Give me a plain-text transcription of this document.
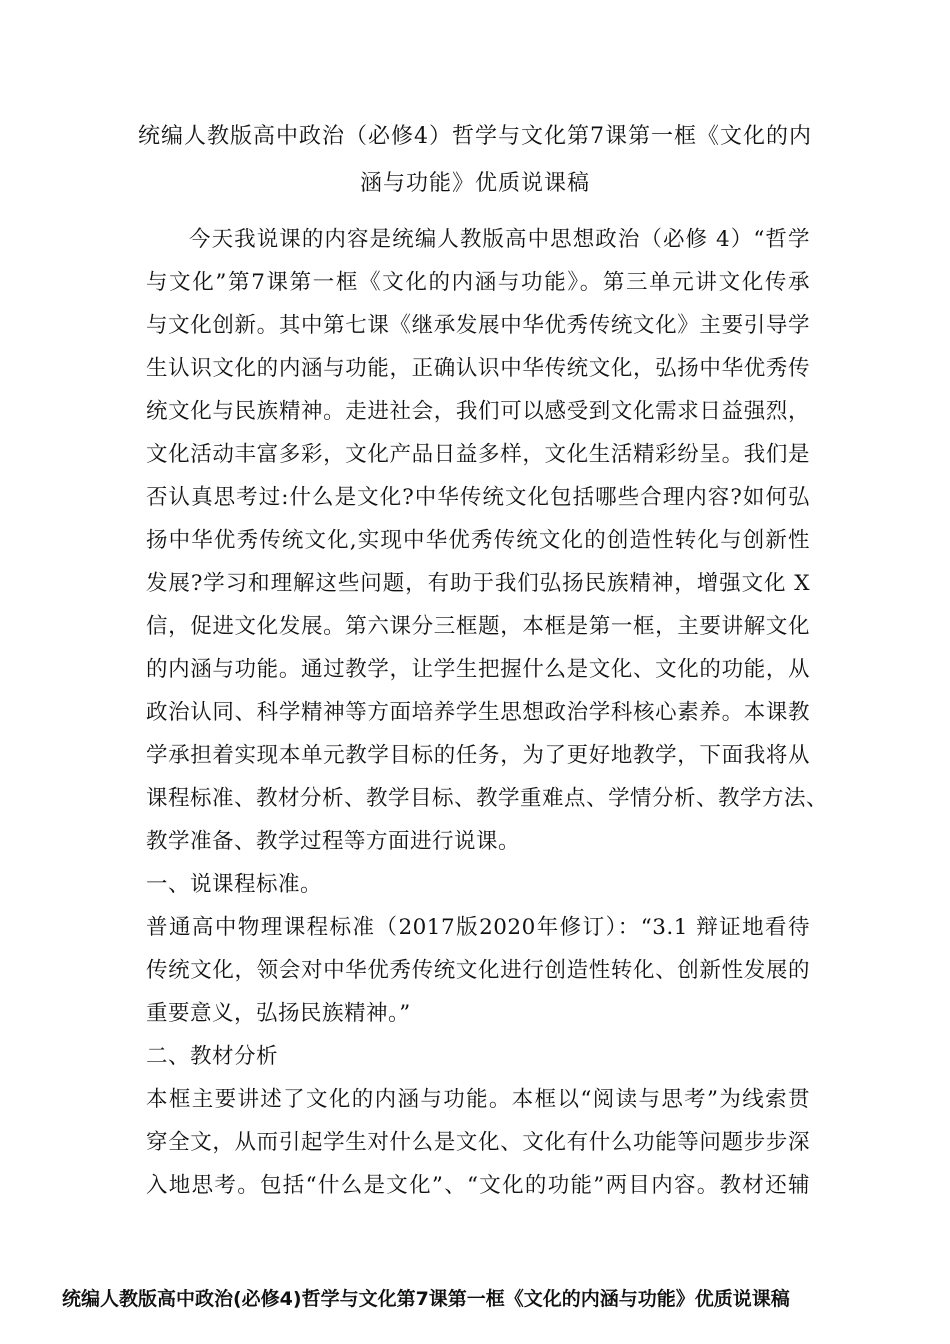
统编人教版高中政治（必修4）哲学与文化第7课第一框《文化的内
涵与功能》优质说课稿
今天我说课的内容是统编人教版高中思想政治（必修 4）“哲学
与文化”第7课第一框《文化的内涵与功能》。第三单元讲文化传承
与文化创新。其中第七课《继承发展中华优秀传统文化》主要引导学
生认识文化的内涵与功能，正确认识中华传统文化，弘扬中华优秀传
统文化与民族精神。走进社会，我们可以感受到文化需求日益强烈，
文化活动丰富多彩，文化产品日益多样，文化生活精彩纷呈。我们是
否认真思考过:什么是文化?中华传统文化包括哪些合理内容?如何弘
扬中华优秀传统文化,实现中华优秀传统文化的创造性转化与创新性
发展?学习和理解这些问题，有助于我们弘扬民族精神，增强文化 X
信，促进文化发展。第六课分三框题，本框是第一框，主要讲解文化
的内涵与功能。通过教学，让学生把握什么是文化、文化的功能，从
政治认同、科学精神等方面培养学生思想政治学科核心素养。本课教
学承担着实现本单元教学目标的任务，为了更好地教学，下面我将从
课程标准、教材分析、教学目标、教学重难点、学情分析、教学方法、
教学准备、教学过程等方面进行说课。
一、说课程标准。
普通高中物理课程标准（2017版2020年修订）：“3.1 辩证地看待
传统文化，领会对中华优秀传统文化进行创造性转化、创新性发展的
重要意义，弘扬民族精神。”
二、教材分析
本框主要讲述了文化的内涵与功能。本框以“阅读与思考”为线索贯
穿全文，从而引起学生对什么是文化、文化有什么功能等问题步步深
入地思考。包括“什么是文化”、“文化的功能”两目内容。教材还辅
统编人教版高中政治(必修4)哲学与文化第7课第一框《文化的内涵与功能》优质说课稿
